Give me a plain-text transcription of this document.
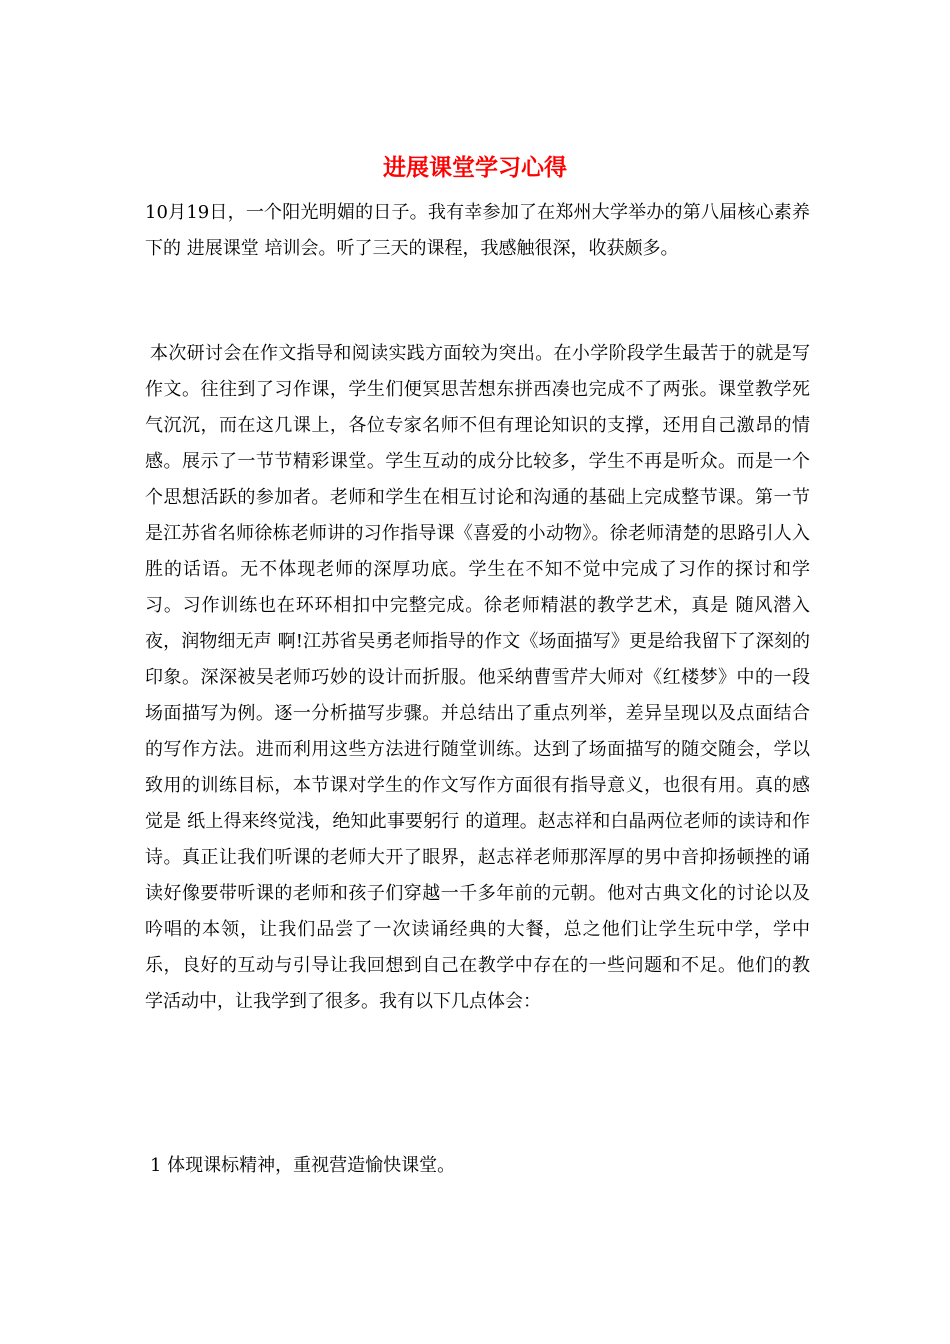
进展课堂学习心得

10月19日，一个阳光明媚的日子。我有幸参加了在郑州大学举办的第八届核心素养下的 进展课堂 培训会。听了三天的课程，我感触很深，收获颇多。

本次研讨会在作文指导和阅读实践方面较为突出。在小学阶段学生最苦于的就是写作文。往往到了习作课，学生们便冥思苦想东拼西凑也完成不了两张。课堂教学死气沉沉，而在这几课上，各位专家名师不但有理论知识的支撑，还用自己激昂的情感。展示了一节节精彩课堂。学生互动的成分比较多，学生不再是听众。而是一个个思想活跃的参加者。老师和学生在相互讨论和沟通的基础上完成整节课。第一节是江苏省名师徐栋老师讲的习作指导课《喜爱的小动物》。徐老师清楚的思路引人入胜的话语。无不体现老师的深厚功底。学生在不知不觉中完成了习作的探讨和学习。习作训练也在环环相扣中完整完成。徐老师精湛的教学艺术，真是 随风潜入夜，润物细无声 啊!江苏省吴勇老师指导的作文《场面描写》更是给我留下了深刻的印象。深深被吴老师巧妙的设计而折服。他采纳曹雪芹大师对《红楼梦》中的一段场面描写为例。逐一分析描写步骤。并总结出了重点列举，差异呈现以及点面结合的写作方法。进而利用这些方法进行随堂训练。达到了场面描写的随交随会，学以致用的训练目标，本节课对学生的作文写作方面很有指导意义，也很有用。真的感觉是 纸上得来终觉浅，绝知此事要躬行 的道理。赵志祥和白晶两位老师的读诗和作诗。真正让我们听课的老师大开了眼界，赵志祥老师那浑厚的男中音抑扬顿挫的诵读好像要带听课的老师和孩子们穿越一千多年前的元朝。他对古典文化的讨论以及吟唱的本领，让我们品尝了一次读诵经典的大餐，总之他们让学生玩中学，学中乐，良好的互动与引导让我回想到自己在教学中存在的一些问题和不足。他们的教学活动中，让我学到了很多。我有以下几点体会：

1 体现课标精神，重视营造愉快课堂。
